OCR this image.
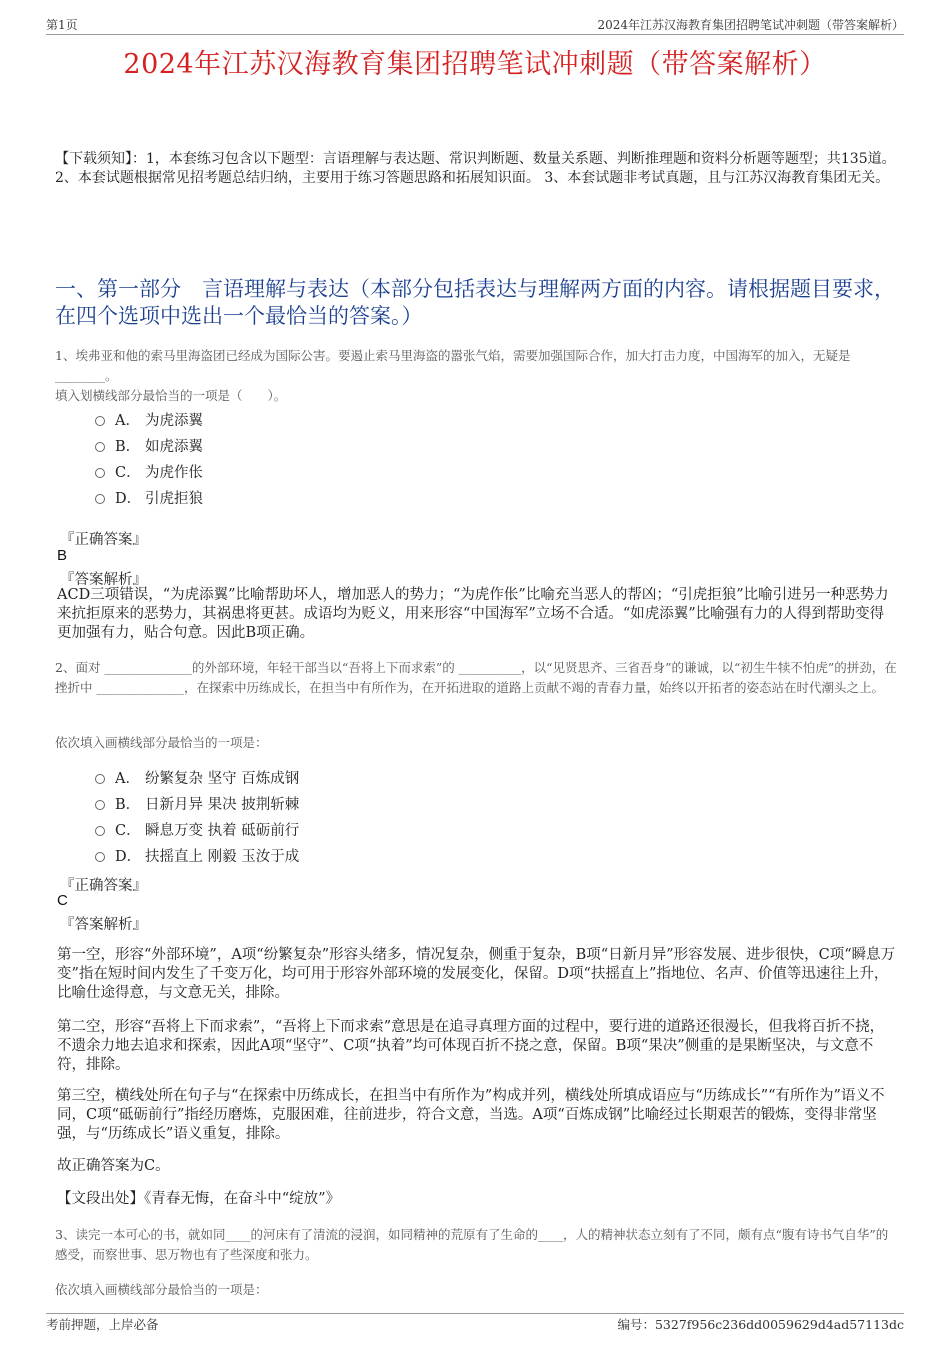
第1页	2024年江苏汉海教育集团招聘笔试冲刺题（带答案解析）
2024年江苏汉海教育集团招聘笔试冲刺题（带答案解析）
【下载须知】：1，本套练习包含以下题型：言语理解与表达题、常识判断题、数量关系题、判断推理题和资料分析题等题型；共135道。 2、本套试题根据常见招考题总结归纳，主要用于练习答题思路和拓展知识面。 3、本套试题非考试真题，且与江苏汉海教育集团无关。
一、第一部分　言语理解与表达（本部分包括表达与理解两方面的内容。请根据题目要求，在四个选项中选出一个最恰当的答案。）
1、埃弗亚和他的索马里海盗团已经成为国际公害。要遏止索马里海盗的嚣张气焰，需要加强国际合作，加大打击力度，中国海军的加入，无疑是________。
填入划横线部分最恰当的一项是（　　）。
A． 为虎添翼
B． 如虎添翼
C． 为虎作伥
D． 引虎拒狼
『正确答案』
B
『答案解析』
ACD三项错误，“为虎添翼”比喻帮助坏人，增加恶人的势力；“为虎作伥”比喻充当恶人的帮凶；“引虎拒狼”比喻引进另一种恶势力来抗拒原来的恶势力，其祸患将更甚。成语均为贬义，用来形容“中国海军”立场不合适。“如虎添翼”比喻强有力的人得到帮助变得更加强有力，贴合句意。因此B项正确。
2、面对 ______________的外部环境，年轻干部当以“吾将上下而求索”的 __________，以“见贤思齐、三省吾身”的谦诚，以“初生牛犊不怕虎”的拼劲，在挫折中 ______________，在探索中历练成长，在担当中有所作为，在开拓进取的道路上贡献不竭的青春力量，始终以开拓者的姿态站在时代潮头之上。
依次填入画横线部分最恰当的一项是：
A． 纷繁复杂 坚守 百炼成钢
B． 日新月异 果决 披荆斩棘
C． 瞬息万变 执着 砥砺前行
D． 扶摇直上 刚毅 玉汝于成
『正确答案』
C
『答案解析』
第一空，形容“外部环境”，A项“纷繁复杂”形容头绪多，情况复杂，侧重于复杂，B项“日新月异”形容发展、进步很快，C项“瞬息万变”指在短时间内发生了千变万化，均可用于形容外部环境的发展变化，保留。D项“扶摇直上”指地位、名声、价值等迅速往上升，比喻仕途得意，与文意无关，排除。
第二空，形容“吾将上下而求索”，“吾将上下而求索”意思是在追寻真理方面的过程中，要行进的道路还很漫长，但我将百折不挠，不遗余力地去追求和探索，因此A项“坚守”、C项“执着”均可体现百折不挠之意，保留。B项“果决”侧重的是果断坚决，与文意不符，排除。
第三空，横线处所在句子与“在探索中历练成长，在担当中有所作为”构成并列，横线处所填成语应与“历练成长”“有所作为”语义不同，C项“砥砺前行”指经历磨炼，克服困难，往前进步，符合文意，当选。A项“百炼成钢”比喻经过长期艰苦的锻炼，变得非常坚强，与“历练成长”语义重复，排除。
故正确答案为C。
【文段出处】《青春无悔，在奋斗中“绽放”》
3、读完一本可心的书，就如同____的河床有了清流的浸润，如同精神的荒原有了生命的____，人的精神状态立刻有了不同，颇有点“腹有诗书气自华”的感受，而察世事、思万物也有了些深度和张力。
依次填入画横线部分最恰当的一项是：
考前押题，上岸必备	编号：5327f956c236dd0059629d4ad57113dc
